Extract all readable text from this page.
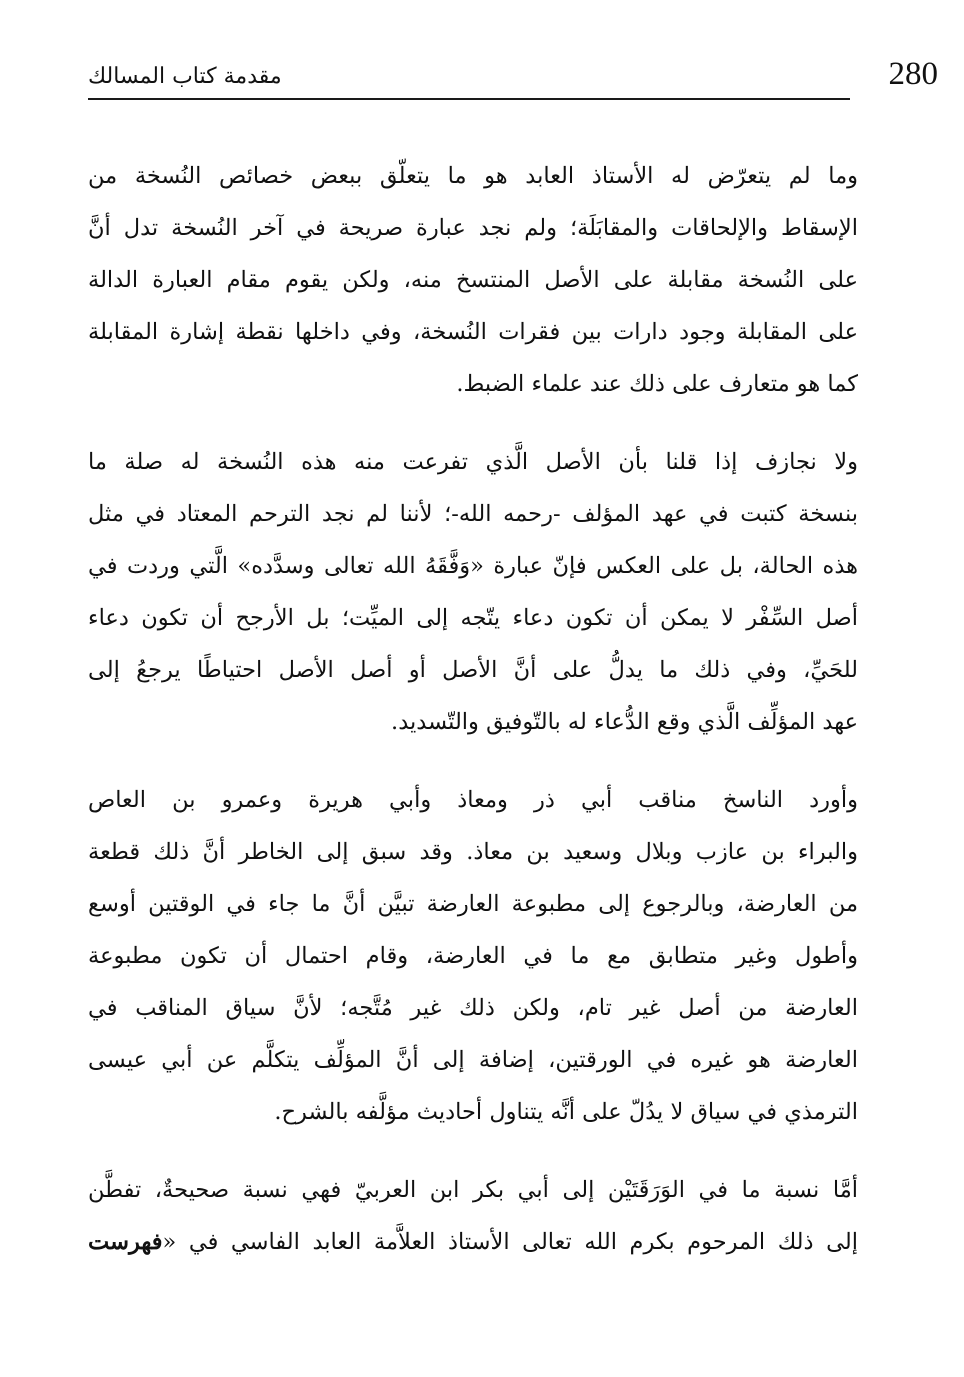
280
مقدمة كتاب المسالك

وما لم يتعرّض له الأستاذ العابد هو ما يتعلّق ببعض خصائص النُسخة من
الإسقاط والإلحاقات والمقابَلَة؛ ولم نجد عبارة صريحة في آخر النُسخة تدل أنَّ
على النُسخة مقابلة على الأصل المنتسخ منه، ولكن يقوم مقام العبارة الدالة
على المقابلة وجود دارات بين فقرات النُسخة، وفي داخلها نقطة إشارة المقابلة
كما هو متعارف على ذلك عند علماء الضبط.

ولا نجازف إذا قلنا بأن الأصل الَّذي تفرعت منه هذه النُسخة له صلة ما
بنسخة كتبت في عهد المؤلف -رحمه الله-؛ لأننا لم نجد الترحم المعتاد في مثل
هذه الحالة، بل على العكس فإنّ عبارة «وَفَّقَهُ الله تعالى وسدَّده» الَّتي وردت في
أصل السِّفْر لا يمكن أن تكون دعاء يتّجه إلى الميِّت؛ بل الأرجح أن تكون دعاء
للحَيِّ، وفي ذلك ما يدلُّ على أنَّ الأصل أو أصل الأصل احتياطًا يرجعُ إلى
عهد المؤلِّف الَّذي وقع الدُّعاء له بالتّوفيق والتّسديد.

وأورد الناسخ مناقب أبي ذر ومعاذ وأبي هريرة وعمرو بن العاص
والبراء بن عازب وبلال وسعيد بن معاذ. وقد سبق إلى الخاطر أنَّ ذلك قطعة
من العارضة، وبالرجوع إلى مطبوعة العارضة تبيَّن أنَّ ما جاء في الوقتين أوسع
وأطول وغير متطابق مع ما في العارضة، وقام احتمال أن تكون مطبوعة
العارضة من أصل غير تام، ولكن ذلك غير مُتَّجه؛ لأنَّ سياق المناقب في
العارضة هو غيره في الورقتين، إضافة إلى أنَّ المؤلِّف يتكلَّم عن أبي عيسى
الترمذي في سياق لا يدُلّ على أنَّه يتناول أحاديث مؤلَّفه بالشرح.

أمَّا نسبة ما في الوَرَقَتَيْن إلى أبي بكر ابن العربيّ فهي نسبة صحيحةٌ، تفطَّن
إلى ذلك المرحوم بكرم الله تعالى الأستاذ العلاَّمة العابد الفاسي في «فهرست
